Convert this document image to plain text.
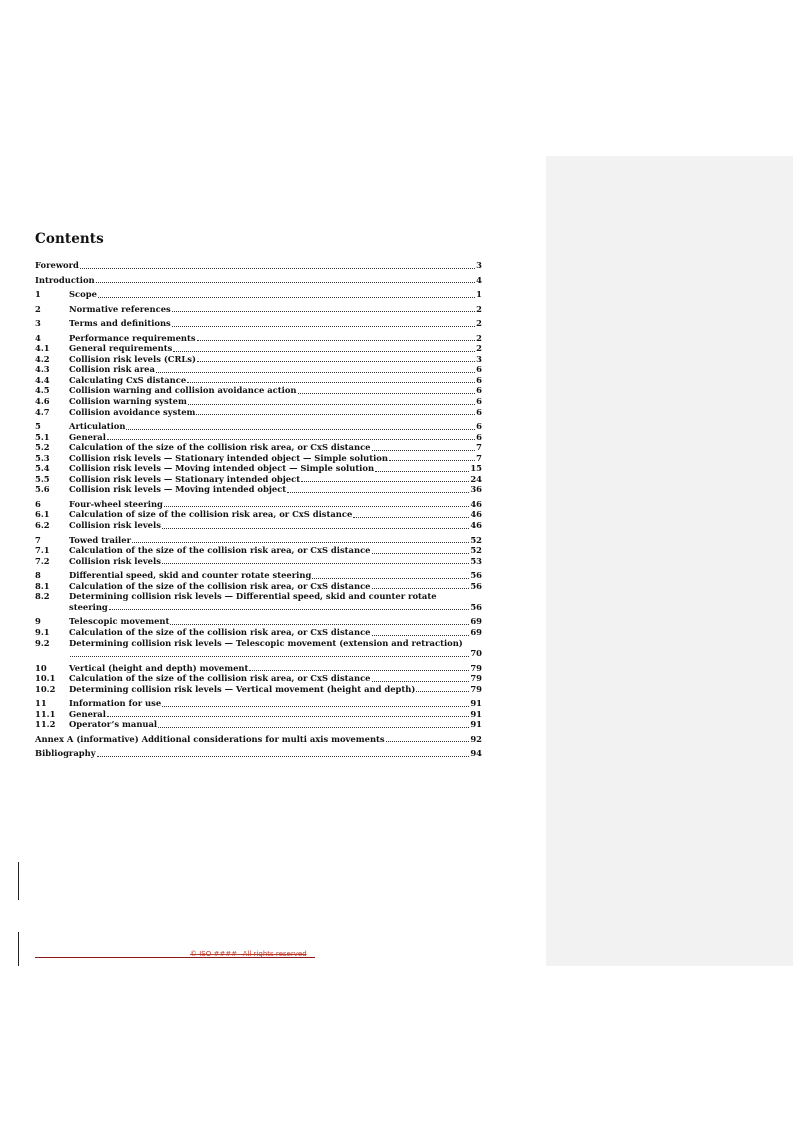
Contents
Foreword	3
Introduction	4
1	Scope	1
2	Normative references	2
3	Terms and definitions	2
4	Performance requirements	2
4.1	General requirements	2
4.2	Collision risk levels (CRLs)	3
4.3	Collision risk area	6
4.4	Calculating CxS distance	6
4.5	Collision warning and collision avoidance action	6
4.6	Collision warning system	6
4.7	Collision avoidance system	6
5	Articulation	6
5.1	General	6
5.2	Calculation of the size of the collision risk area, or CxS distance	7
5.3	Collision risk levels — Stationary intended object — Simple solution	7
5.4	Collision risk levels — Moving intended object — Simple solution	15
5.5	Collision risk levels — Stationary intended object	24
5.6	Collision risk levels — Moving intended object	36
6	Four-wheel steering	46
6.1	Calculation of size of the collision risk area, or CxS distance	46
6.2	Collision risk levels	46
7	Towed trailer	52
7.1	Calculation of the size of the collision risk area, or CxS distance	52
7.2	Collision risk levels	53
8	Differential speed, skid and counter rotate steering	56
8.1	Calculation of the size of the collision risk area, or CxS distance	56
8.2	Determining collision risk levels — Differential speed, skid and counter rotate
steering	56
9	Telescopic movement	69
9.1	Calculation of the size of the collision risk area, or CxS distance	69
9.2	Determining collision risk levels — Telescopic movement (extension and retraction)
70
10	Vertical (height and depth) movement	79
10.1	Calculation of the size of the collision risk area, or CxS distance	79
10.2	Determining collision risk levels — Vertical movement (height and depth)	79
11	Information for use	91
11.1	General	91
11.2	Operator’s manual	91
Annex A (informative) Additional considerations for multi axis movements	92
Bibliography	94
© ISO ####– All rights reserved
